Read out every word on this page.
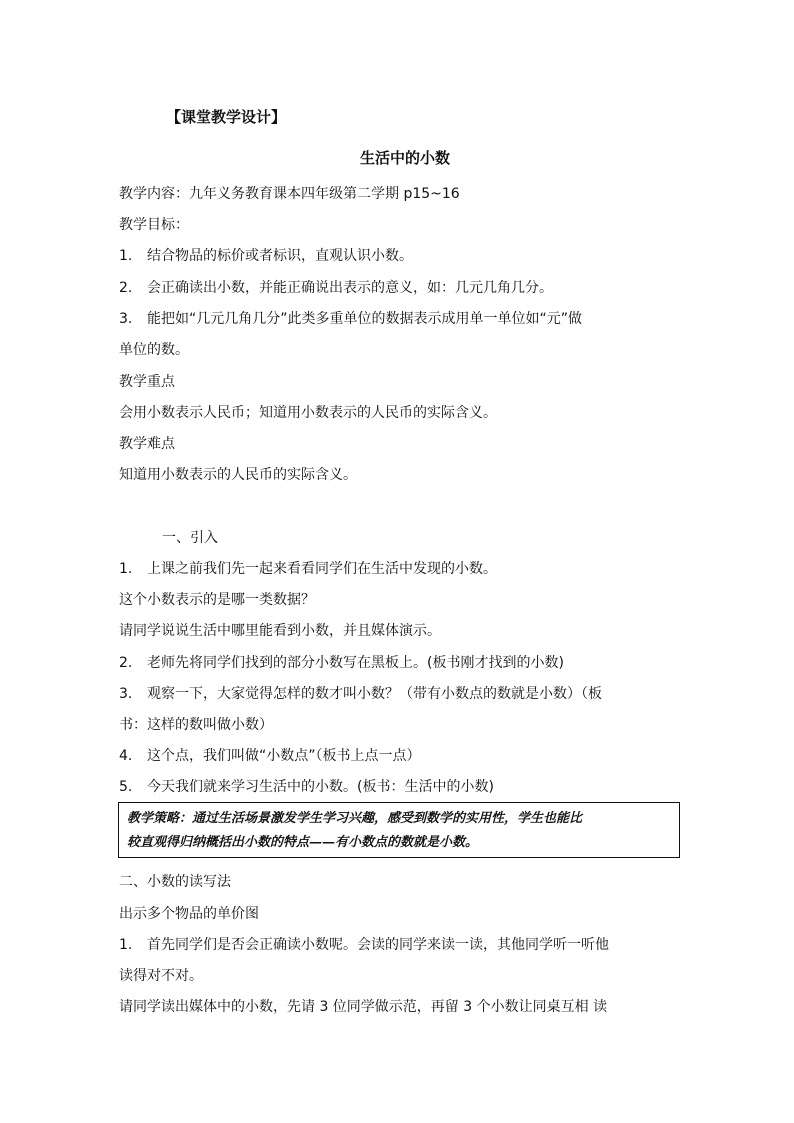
【课堂教学设计】
生活中的小数
教学内容：九年义务教育课本四年级第二学期 p15~16
教学目标：
1. 结合物品的标价或者标识，直观认识小数。
2. 会正确读出小数，并能正确说出表示的意义，如：几元几角几分。
3. 能把如“几元几角几分”此类多重单位的数据表示成用单一单位如“元”做
单位的数。
教学重点
会用小数表示人民币；知道用小数表示的人民币的实际含义。
教学难点
知道用小数表示的人民币的实际含义。
一、引入
1. 上课之前我们先一起来看看同学们在生活中发现的小数。
这个小数表示的是哪一类数据？
请同学说说生活中哪里能看到小数，并且媒体演示。
2. 老师先将同学们找到的部分小数写在黑板上。(板书刚才找到的小数)
3. 观察一下，大家觉得怎样的数才叫小数？（带有小数点的数就是小数）（板
书：这样的数叫做小数）
4. 这个点，我们叫做“小数点”（板书上点一点）
5. 今天我们就来学习生活中的小数。(板书：生活中的小数)
教学策略：通过生活场景激发学生学习兴趣，感受到数学的实用性，学生也能比
较直观得归纳概括出小数的特点——有小数点的数就是小数。
二、小数的读写法
出示多个物品的单价图
1. 首先同学们是否会正确读小数呢。会读的同学来读一读，其他同学听一听他
读得对不对。
请同学读出媒体中的小数，先请 3 位同学做示范，再留 3 个小数让同桌互相 读
